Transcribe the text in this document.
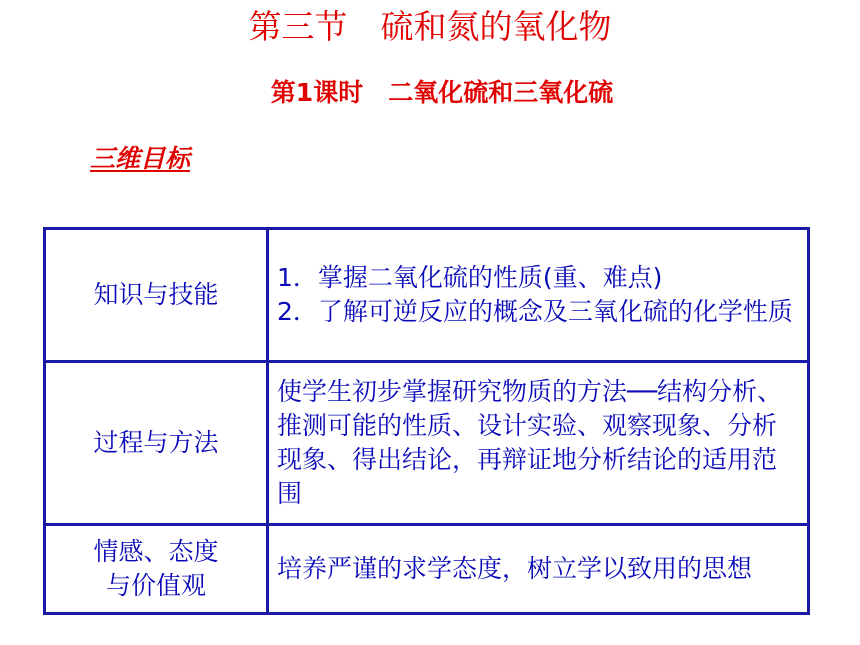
第三节　硫和氮的氧化物
第1课时　二氧化硫和三氧化硫
三维目标
知识与技能	1．掌握二氧化硫的性质(重、难点)
2．了解可逆反应的概念及三氧化硫的化学性质

过程与方法	使学生初步掌握研究物质的方法──结构分析、推测可能的性质、设计实验、观察现象、分析现象、得出结论，再辩证地分析结论的适用范围

情感、态度
与价值观	培养严谨的求学态度，树立学以致用的思想
